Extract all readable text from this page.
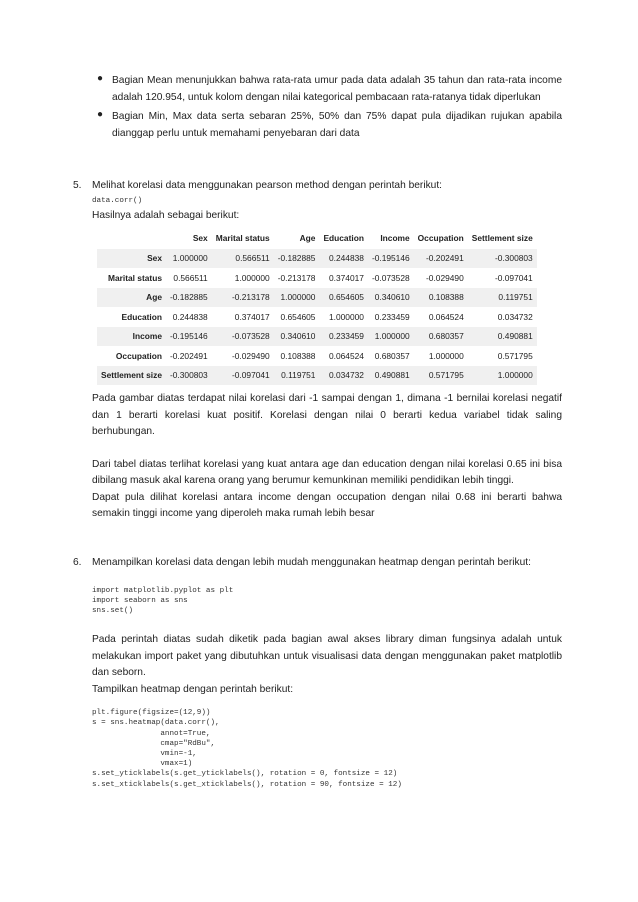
● Bagian Mean menunjukkan bahwa rata-rata umur pada data adalah 35 tahun dan rata-rata income adalah 120.954, untuk kolom dengan nilai kategorical pembacaan rata-ratanya tidak diperlukan

● Bagian Min, Max data serta sebaran 25%, 50% dan 75% dapat pula dijadikan rujukan apabila dianggap perlu untuk memahami penyebaran dari data

5. Melihat korelasi data menggunakan pearson method dengan perintah berikut:

data.corr()

Hasilnya adalah sebagai berikut:

	Sex	Marital status	Age	Education	Income	Occupation	Settlement size
Sex	1.000000	0.566511	-0.182885	0.244838	-0.195146	-0.202491	-0.300803
Marital status	0.566511	1.000000	-0.213178	0.374017	-0.073528	-0.029490	-0.097041
Age	-0.182885	-0.213178	1.000000	0.654605	0.340610	0.108388	0.119751
Education	0.244838	0.374017	0.654605	1.000000	0.233459	0.064524	0.034732
Income	-0.195146	-0.073528	0.340610	0.233459	1.000000	0.680357	0.490881
Occupation	-0.202491	-0.029490	0.108388	0.064524	0.680357	1.000000	0.571795
Settlement size	-0.300803	-0.097041	0.119751	0.034732	0.490881	0.571795	1.000000

Pada gambar diatas terdapat nilai korelasi dari -1 sampai dengan 1, dimana -1 bernilai korelasi negatif dan 1 berarti korelasi kuat positif. Korelasi dengan nilai 0 berarti kedua variabel tidak saling berhubungan.

Dari tabel diatas terlihat korelasi yang kuat antara age dan education dengan nilai korelasi 0.65 ini bisa dibilang masuk akal karena orang yang berumur kemunkinan memiliki pendidikan lebih tinggi.

Dapat pula dilihat korelasi antara income dengan occupation dengan nilai 0.68 ini berarti bahwa semakin tinggi income yang diperoleh maka rumah lebih besar

6. Menampilkan korelasi data dengan lebih mudah menggunakan heatmap dengan perintah berikut:

import matplotlib.pyplot as plt
import seaborn as sns
sns.set()

Pada perintah diatas sudah diketik pada bagian awal akses library diman fungsinya adalah untuk melakukan import paket yang dibutuhkan untuk visualisasi data dengan menggunakan paket matplotlib dan seborn.

Tampilkan heatmap dengan perintah berikut:

plt.figure(figsize=(12,9))
s = sns.heatmap(data.corr(),
annot=True,
cmap="RdBu",
vmin=-1,
vmax=1)
s.set_yticklabels(s.get_yticklabels(), rotation = 0, fontsize = 12)
s.set_xticklabels(s.get_xticklabels(), rotation = 90, fontsize = 12)
